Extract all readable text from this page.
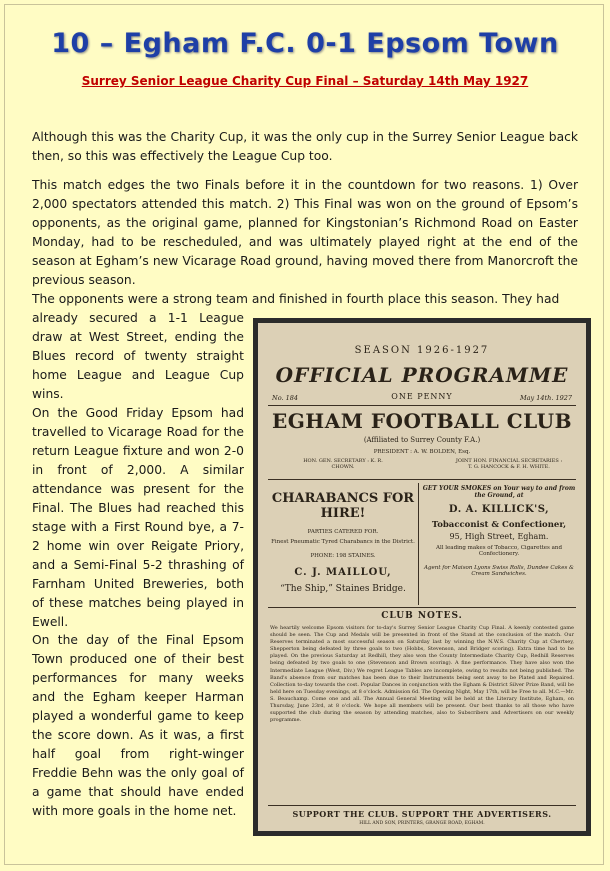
10 – Egham F.C. 0-1 Epsom Town
Surrey Senior League Charity Cup Final – Saturday 14th May 1927
Although this was the Charity Cup, it was the only cup in the Surrey Senior League back then, so this was effectively the League Cup too.
This match edges the two Finals before it in the countdown for two reasons. 1) Over 2,000 spectators attended this match. 2) This Final was won on the ground of Epsom’s opponents, as the original game, planned for Kingstonian’s Richmond Road on Easter Monday, had to be rescheduled, and was ultimately played right at the end of the season at Egham’s new Vicarage Road ground, having moved there from Manorcroft the previous season.
The opponents were a strong team and finished in fourth place this season. They had
already secured a 1-1 League draw at West Street, ending the Blues record of twenty straight home League and League Cup wins.
On the Good Friday Epsom had travelled to Vicarage Road for the return League fixture and won 2-0 in front of 2,000. A similar attendance was present for the Final. The Blues had reached this stage with a First Round bye, a 7-2 home win over Reigate Priory, and a Semi-Final 5-2 thrashing of Farnham United Breweries, both of these matches being played in Ewell.
On the day of the Final Epsom Town produced one of their best performances for many weeks and the Egham keeper Harman played a wonderful game to keep the score down. As it was, a first half goal from right-winger Freddie Behn was the only goal of a game that should have ended with more goals in the home net.
SEASON 1926-1927
OFFICIAL PROGRAMME
No. 184	ONE PENNY	May 14th. 1927
EGHAM FOOTBALL CLUB
(Affiliated to Surrey County F.A.)
PRESIDENT : A. W. BOLDEN, Esq.
HON. GEN. SECRETARY : K. R. CHOWN.
JOINT HON. FINANCIAL SECRETARIES : T. G. HANCOCK & F. H. WHITE.
CHARABANCS FOR HIRE!
PARTIES CATERED FOR.
Finest Pneumatic Tyred Charabancs in the District.
PHONE: 198 STAINES.
C. J. MAILLOU,
“The Ship,” Staines Bridge.
GET YOUR SMOKES on Your way to and from the Ground, at
D. A. KILLICK'S,
Tobacconist & Confectioner,
95, High Street, Egham.
All leading makes of Tobacco, Cigarettes and Confectionery.
Agent for Maison Lyons Swiss Rolls, Dundee Cakes & Cream Sandwiches.
CLUB NOTES.
We heartily welcome Epsom visitors for to-day's Surrey Senior League Charity Cup Final. A keenly contested game should be seen. The Cup and Medals will be presented in front of the Stand at the conclusion of the match. Our Reserves terminated a most successful season on Saturday last by winning the N.W.S. Charity Cup at Chertsey, Shepperton being defeated by three goals to two (Hobbs, Stevenson, and Bridger scoring). Extra time had to be played. On the previous Saturday at Redhill, they also won the County Intermediate Charity Cup, Redhill Reserves being defeated by two goals to one (Stevenson and Brown scoring). A fine performance. They have also won the Intermediate League (West, Div.) We regret League Tables are incomplete, owing to results not being published. The Band's absence from our matches has been due to their Instruments being sent away to be Plated and Repaired. Collection to-day towards the cost. Popular Dances in conjunction with the Egham & District Silver Prize Band, will be held here on Tuesday evenings, at 8 o'clock. Admission 6d. The Opening Night, May 17th, will be Free to all. M.C.—Mr. S. Beauchamp. Come one and all. The Annual General Meeting will be held at the Literary Institute, Egham, on Thursday, June 23rd, at 8 o'clock. We hope all members will be present. Our best thanks to all those who have supported the club during the season by attending matches, also to Subscribers and Advertisers on our weekly programme.
SUPPORT THE CLUB. SUPPORT THE ADVERTISERS.
HILL AND SON, PRINTERS, GRANGE ROAD, EGHAM.
